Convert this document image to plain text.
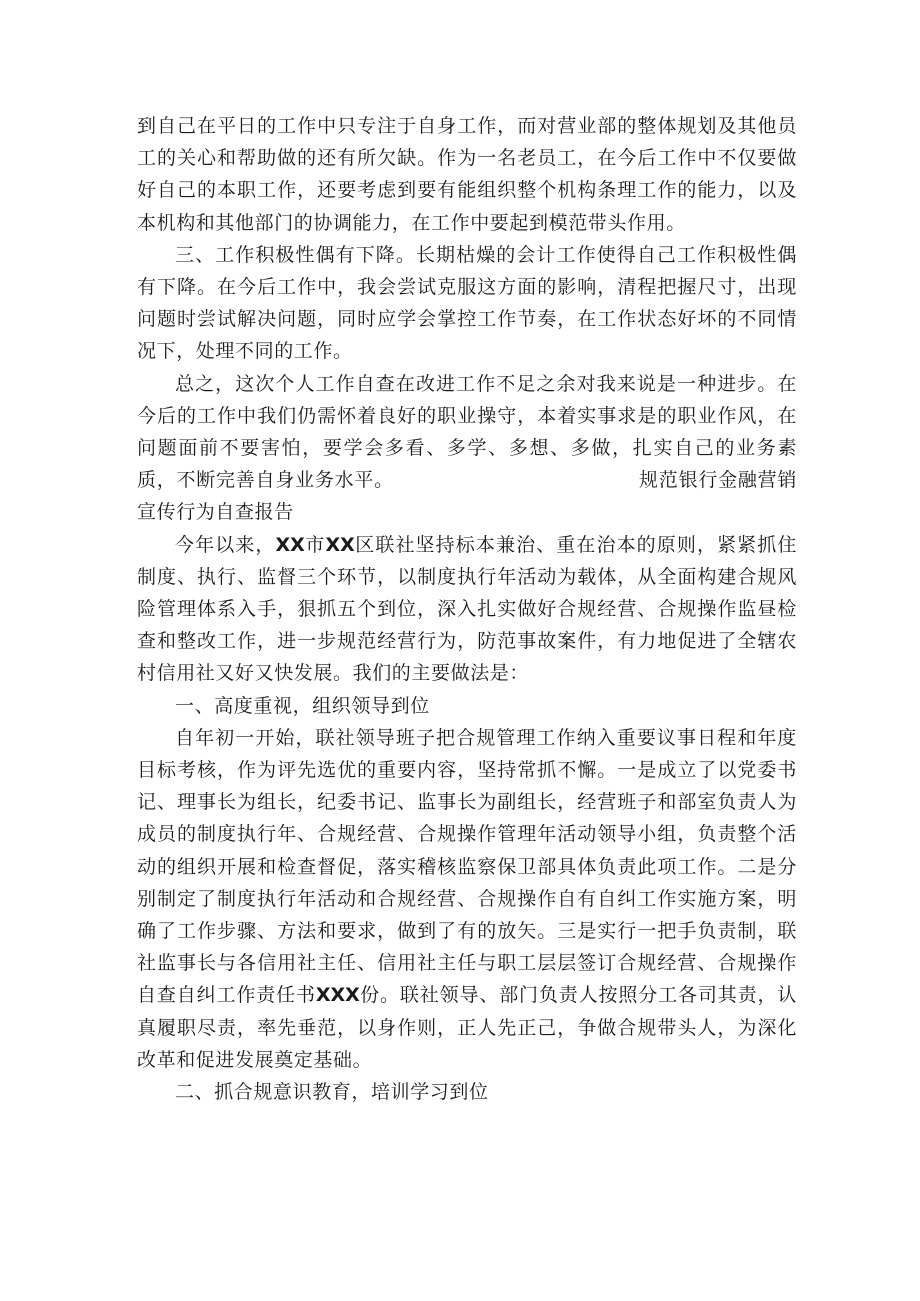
到自己在平日的工作中只专注于自身工作，而对营业部的整体规划及其他员工的关心和帮助做的还有所欠缺。作为一名老员工，在今后工作中不仅要做好自己的本职工作，还要考虑到要有能组织整个机构条理工作的能力，以及本机构和其他部门的协调能力，在工作中要起到模范带头作用。

三、工作积极性偶有下降。长期枯燥的会计工作使得自己工作积极性偶有下降。在今后工作中，我会尝试克服这方面的影响，清程把握尺寸，出现问题时尝试解决问题，同时应学会掌控工作节奏，在工作状态好坏的不同情况下，处理不同的工作。

总之，这次个人工作自查在改进工作不足之余对我来说是一种进步。在今后的工作中我们仍需怀着良好的职业操守，本着实事求是的职业作风，在问题面前不要害怕，要学会多看、多学、多想、多做，扎实自己的业务素质，不断完善自身业务水平。	规范银行金融营销宣传行为自查报告

今年以来，XX市XX区联社坚持标本兼治、重在治本的原则，紧紧抓住制度、执行、监督三个环节，以制度执行年活动为载体，从全面构建合规风险管理体系入手，狠抓五个到位，深入扎实做好合规经营、合规操作监昼检查和整改工作，进一步规范经营行为，防范事故案件，有力地促进了全辖农村信用社又好又快发展。我们的主要做法是：

一、高度重视，组织领导到位

自年初一开始，联社领导班子把合规管理工作纳入重要议事日程和年度目标考核，作为评先选优的重要内容，坚持常抓不懈。一是成立了以党委书记、理事长为组长，纪委书记、监事长为副组长，经营班子和部室负责人为成员的制度执行年、合规经营、合规操作管理年活动领导小组，负责整个活动的组织开展和检查督促，落实稽核监察保卫部具体负责此项工作。二是分别制定了制度执行年活动和合规经营、合规操作自有自纠工作实施方案，明确了工作步骤、方法和要求，做到了有的放矢。三是实行一把手负责制，联社监事长与各信用社主任、信用社主任与职工层层签订合规经营、合规操作自查自纠工作责任书XXX份。联社领导、部门负责人按照分工各司其责，认真履职尽责，率先垂范，以身作则，正人先正己，争做合规带头人，为深化改革和促进发展奠定基础。

二、抓合规意识教育，培训学习到位
